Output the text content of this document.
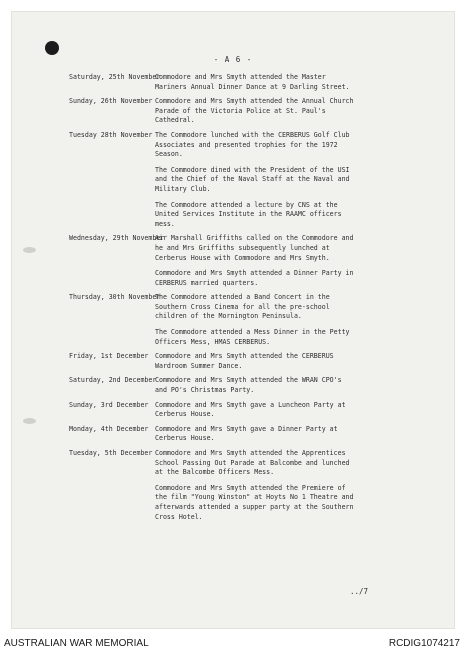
- A 6 -
Saturday, 25th November
Commodore and Mrs Smyth attended the Master Mariners Annual Dinner Dance at 9 Darling Street.
Sunday, 26th November Commodore and Mrs Smyth attended the Annual Church Parade of the Victoria Police at St. Paul's Cathedral.
Tuesday 28th November The Commodore lunched with the CERBERUS Golf Club Associates and presented trophies for the 1972 Season.
The Commodore dined with the President of the USI and the Chief of the Naval Staff at the Naval and Military Club.
The Commodore attended a lecture by CNS at the United Services Institute in the RAAMC officers mess.
Wednesday, 29th November
Air Marshall Griffiths called on the Commodore and he and Mrs Griffiths subsequently lunched at Cerberus House with Commodore and Mrs Smyth.
Commodore and Mrs Smyth attended a Dinner Party in CERBERUS married quarters.
Thursday, 30th November
The Commodore attended a Band Concert in the Southern Cross Cinema for all the pre-school children of the Mornington Peninsula.
The Commodore attended a Mess Dinner in the Petty Officers Mess, HMAS CERBERUS.
Friday, 1st December Commodore and Mrs Smyth attended the CERBERUS Wardroom Summer Dance.
Saturday, 2nd December
Commodore and Mrs Smyth attended the WRAN CPO's and PO's Christmas Party.
Sunday, 3rd December Commodore and Mrs Smyth gave a Luncheon Party at Cerberus House.
Monday, 4th December Commodore and Mrs Smyth gave a Dinner Party at Cerberus House.
Tuesday, 5th December Commodore and Mrs Smyth attended the Apprentices School Passing Out Parade at Balcombe and lunched at the Balcombe Officers Mess.
Commodore and Mrs Smyth attended the Premiere of the film "Young Winston" at Hoyts No 1 Theatre and afterwards attended a supper party at the Southern Cross Hotel.
../7
AUSTRALIAN WAR MEMORIAL	RCDIG1074217
